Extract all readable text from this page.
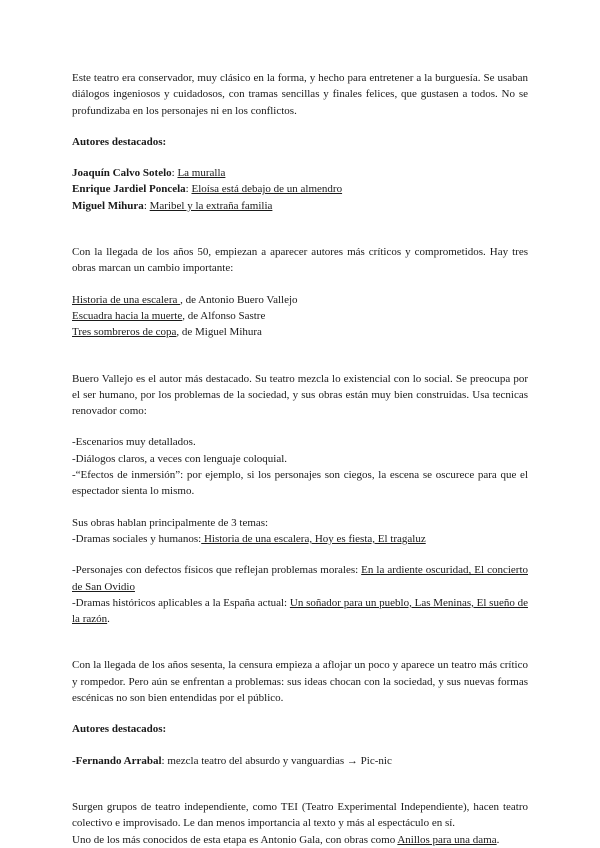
Este teatro era conservador, muy clásico en la forma, y hecho para entretener a la burguesía. Se usaban diálogos ingeniosos y cuidadosos, con tramas sencillas y finales felices, que gustasen a todos. No se profundizaba en los personajes ni en los conflictos.

Autores destacados:

Joaquín Calvo Sotelo: La muralla

Enrique Jardiel Poncela: Eloísa está debajo de un almendro

Miguel Mihura: Maribel y la extraña familia

Con la llegada de los años 50, empiezan a aparecer autores más críticos y comprometidos. Hay tres obras marcan un cambio importante:

Historia de una escalera , de Antonio Buero Vallejo

Escuadra hacia la muerte, de Alfonso Sastre

Tres sombreros de copa, de Miguel Mihura

Buero Vallejo es el autor más destacado. Su teatro mezcla lo existencial con lo social. Se preocupa por el ser humano, por los problemas de la sociedad, y sus obras están muy bien construidas. Usa tecnicas renovador como:

-Escenarios muy detallados.

-Diálogos claros, a veces con lenguaje coloquial.

-“Efectos de inmersión”: por ejemplo, si los personajes son ciegos, la escena se oscurece para que el espectador sienta lo mismo.

Sus obras hablan principalmente de 3 temas:

-Dramas sociales y humanos: Historia de una escalera, Hoy es fiesta, El tragaluz

-Personajes con defectos físicos que reflejan problemas morales: En la ardiente oscuridad, El concierto de San Ovidio

-Dramas históricos aplicables a la España actual: Un soñador para un pueblo, Las Meninas, El sueño de la razón.

Con la llegada de los años sesenta, la censura empieza a aflojar un poco y aparece un teatro más crítico y rompedor. Pero aún se enfrentan a problemas: sus ideas chocan con la sociedad, y sus nuevas formas escénicas no son bien entendidas por el público.

Autores destacados:

-Fernando Arrabal: mezcla teatro del absurdo y vanguardias → Pic-nic

Surgen grupos de teatro independiente, como TEI (Teatro Experimental Independiente), hacen teatro colectivo e improvisado. Le dan menos importancia al texto y más al espectáculo en sí.

Uno de los más conocidos de esta etapa es Antonio Gala, con obras como Anillos para una dama.
